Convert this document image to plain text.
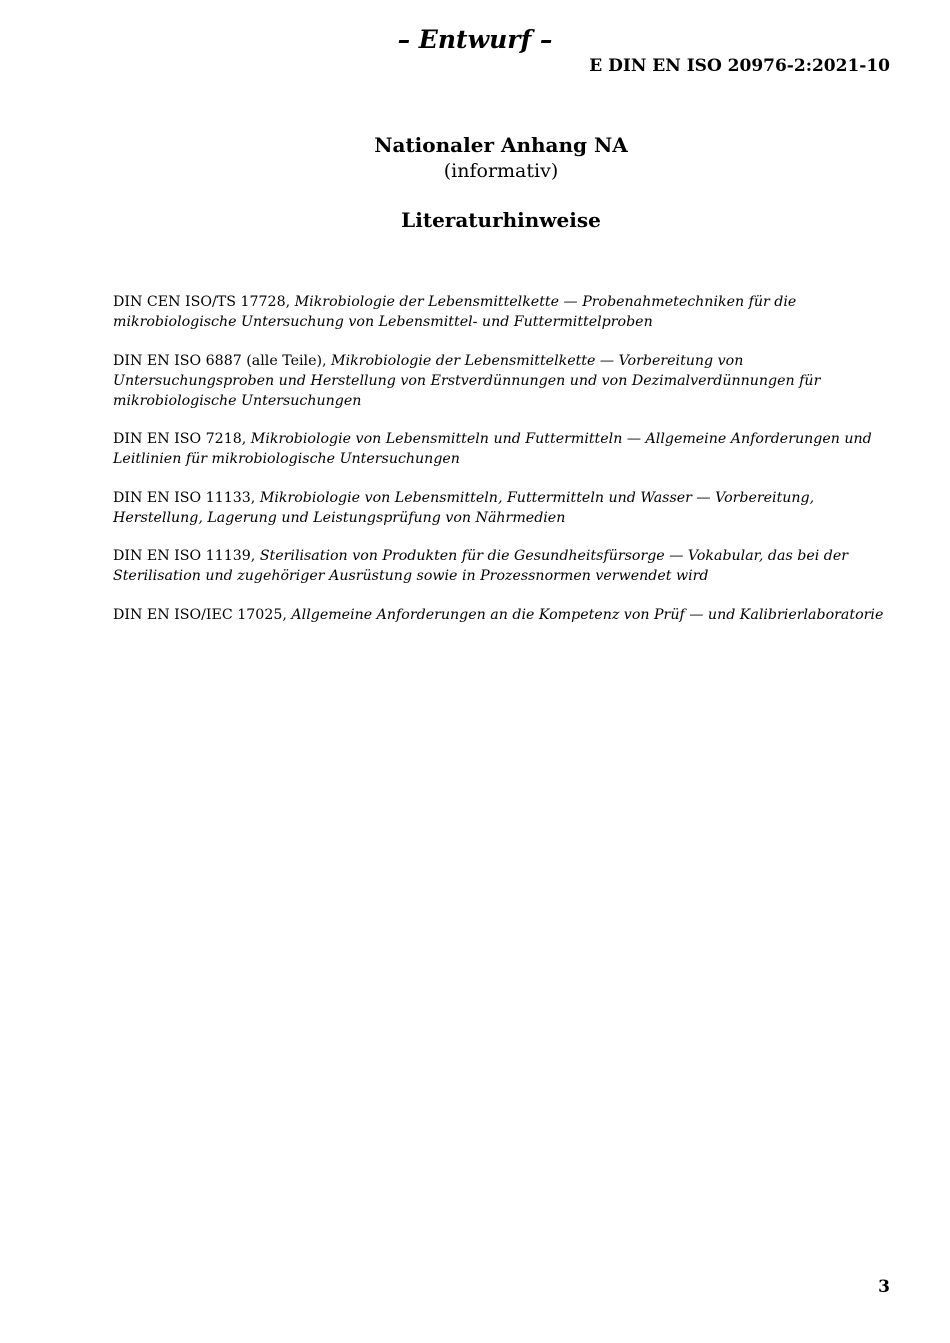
– Entwurf –
E DIN EN ISO 20976-2:2021-10
Nationaler Anhang NA
(informativ)
Literaturhinweise
DIN CEN ISO/TS 17728, Mikrobiologie der Lebensmittelkette — Probenahmetechniken für die mikrobiologische Untersuchung von Lebensmittel- und Futtermittelproben
DIN EN ISO 6887 (alle Teile), Mikrobiologie der Lebensmittelkette — Vorbereitung von Untersuchungsproben und Herstellung von Erstverdünnungen und von Dezimalverdünnungen für mikrobiologische Untersuchungen
DIN EN ISO 7218, Mikrobiologie von Lebensmitteln und Futtermitteln — Allgemeine Anforderungen und Leitlinien für mikrobiologische Untersuchungen
DIN EN ISO 11133, Mikrobiologie von Lebensmitteln, Futtermitteln und Wasser — Vorbereitung, Herstellung, Lagerung und Leistungsprüfung von Nährmedien
DIN EN ISO 11139, Sterilisation von Produkten für die Gesundheitsfürsorge — Vokabular, das bei der Sterilisation und zugehöriger Ausrüstung sowie in Prozessnormen verwendet wird
DIN EN ISO/IEC 17025, Allgemeine Anforderungen an die Kompetenz von Prüf — und Kalibrierlaboratorie
3
